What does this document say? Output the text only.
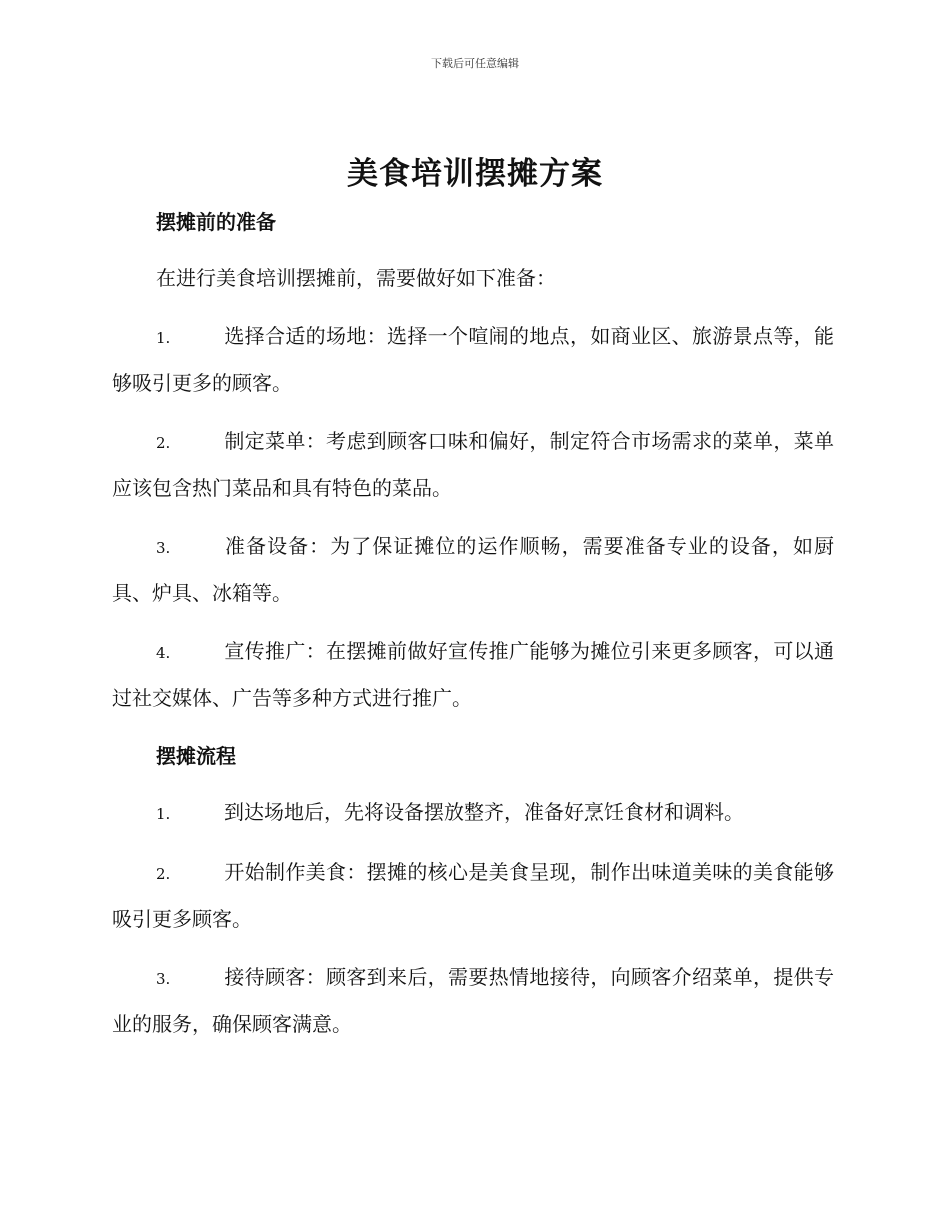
下载后可任意编辑
美食培训摆摊方案
摆摊前的准备
在进行美食培训摆摊前，需要做好如下准备：
1.	选择合适的场地：选择一个喧闹的地点，如商业区、旅游景点等，能够吸引更多的顾客。
2.	制定菜单：考虑到顾客口味和偏好，制定符合市场需求的菜单，菜单应该包含热门菜品和具有特色的菜品。
3.	准备设备：为了保证摊位的运作顺畅，需要准备专业的设备，如厨具、炉具、冰箱等。
4.	宣传推广：在摆摊前做好宣传推广能够为摊位引来更多顾客，可以通过社交媒体、广告等多种方式进行推广。
摆摊流程
1.	到达场地后，先将设备摆放整齐，准备好烹饪食材和调料。
2.	开始制作美食：摆摊的核心是美食呈现，制作出味道美味的美食能够吸引更多顾客。
3.	接待顾客：顾客到来后，需要热情地接待，向顾客介绍菜单，提供专业的服务，确保顾客满意。
